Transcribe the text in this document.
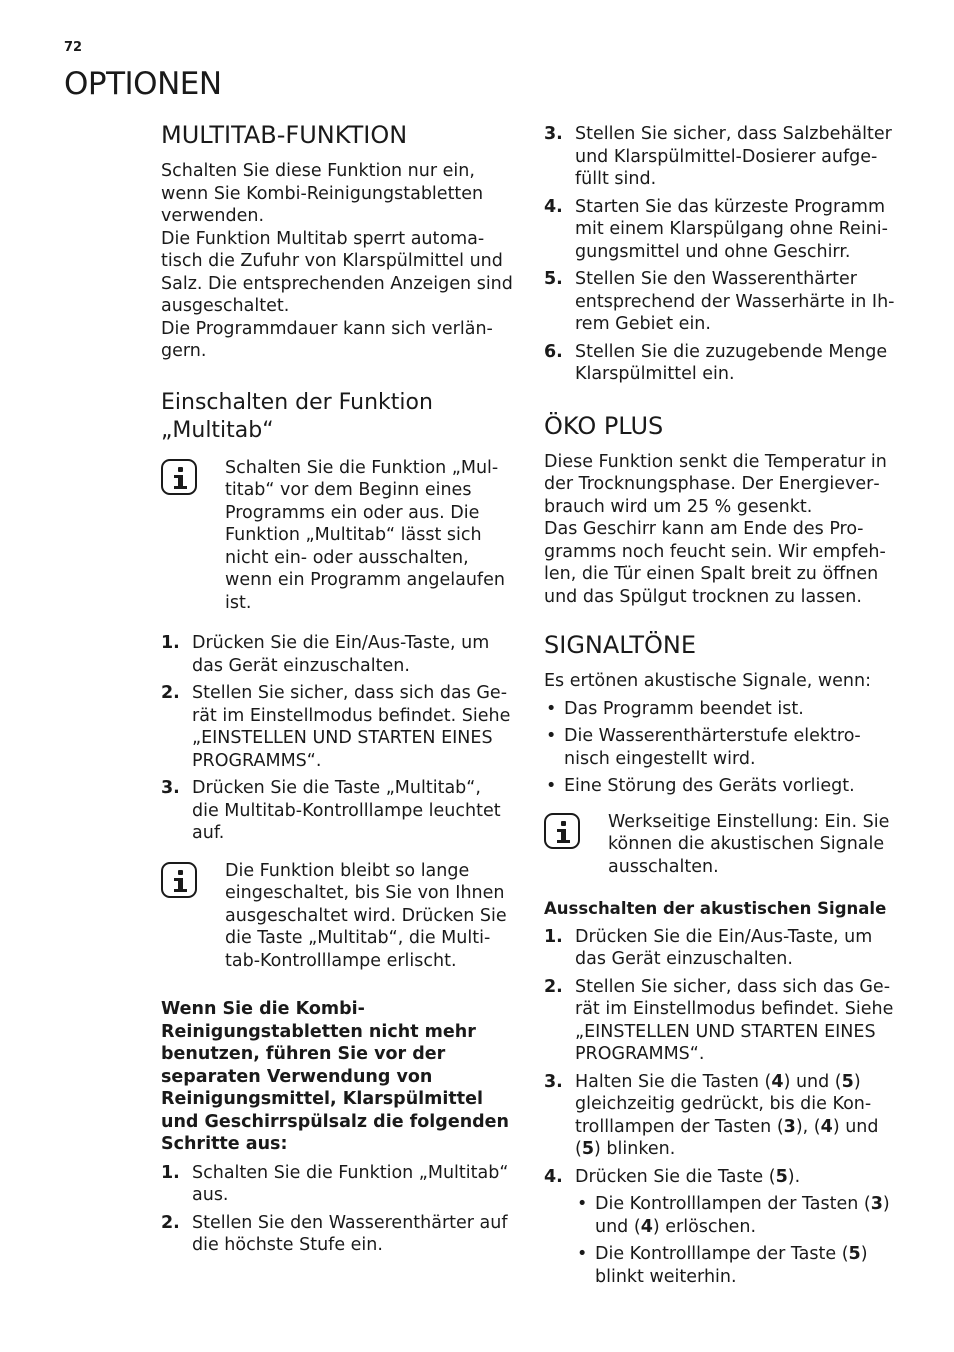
72
OPTIONEN
MULTITAB-FUNKTION

Schalten Sie diese Funktion nur ein, wenn Sie Kombi-Reinigungstabletten verwenden.

Die Funktion Multitab sperrt automatisch die Zufuhr von Klarspülmittel und Salz. Die entsprechenden Anzeigen sind ausgeschaltet.

Die Programmdauer kann sich verlängern.

Einschalten der Funktion „Multitab“
Schalten Sie die Funktion „Multitab“ vor dem Beginn eines Programms ein oder aus. Die Funktion „Multitab“ lässt sich nicht ein- oder ausschalten, wenn ein Programm angelaufen ist.
1. Drücken Sie die Ein/Aus-Taste, um das Gerät einzuschalten.
2. Stellen Sie sicher, dass sich das Gerät im Einstellmodus befindet. Siehe „EINSTELLEN UND STARTEN EINES PROGRAMMS“.
3. Drücken Sie die Taste „Multitab“, die Multitab-Kontrolllampe leuchtet auf.
Die Funktion bleibt so lange eingeschaltet, bis Sie von Ihnen ausgeschaltet wird. Drücken Sie die Taste „Multitab“, die Multitab-Kontrolllampe erlischt.

Wenn Sie die Kombi-Reinigungstabletten nicht mehr benutzen, führen Sie vor der separaten Verwendung von Reinigungsmittel, Klarspülmittel und Geschirrspülsalz die folgenden Schritte aus:

1. Schalten Sie die Funktion „Multitab“ aus.
2. Stellen Sie den Wasserenthärter auf die höchste Stufe ein.
3. Stellen Sie sicher, dass Salzbehälter und Klarspülmittel-Dosierer aufgefüllt sind.
4. Starten Sie das kürzeste Programm mit einem Klarspülgang ohne Reinigungsmittel und ohne Geschirr.
5. Stellen Sie den Wasserenthärter entsprechend der Wasserhärte in Ihrem Gebiet ein.
6. Stellen Sie die zuzugebende Menge Klarspülmittel ein.
ÖKO PLUS

Diese Funktion senkt die Temperatur in der Trocknungsphase. Der Energieverbrauch wird um 25 % gesenkt.

Das Geschirr kann am Ende des Programms noch feucht sein. Wir empfehlen, die Tür einen Spalt breit zu öffnen und das Spülgut trocknen zu lassen.

SIGNALTÖNE

Es ertönen akustische Signale, wenn:

• Das Programm beendet ist.
• Die Wasserenthärterstufe elektronisch eingestellt wird.
• Eine Störung des Geräts vorliegt.
Werkseitige Einstellung: Ein. Sie können die akustischen Signale ausschalten.

Ausschalten der akustischen Signale

1. Drücken Sie die Ein/Aus-Taste, um das Gerät einzuschalten.
2. Stellen Sie sicher, dass sich das Gerät im Einstellmodus befindet. Siehe „EINSTELLEN UND STARTEN EINES PROGRAMMS“.
3. Halten Sie die Tasten (4) und (5) gleichzeitig gedrückt, bis die Kontrolllampen der Tasten (3), (4) und (5) blinken.
4. Drücken Sie die Taste (5).
• Die Kontrolllampen der Tasten (3) und (4) erlöschen.
• Die Kontrolllampe der Taste (5) blinkt weiterhin.
